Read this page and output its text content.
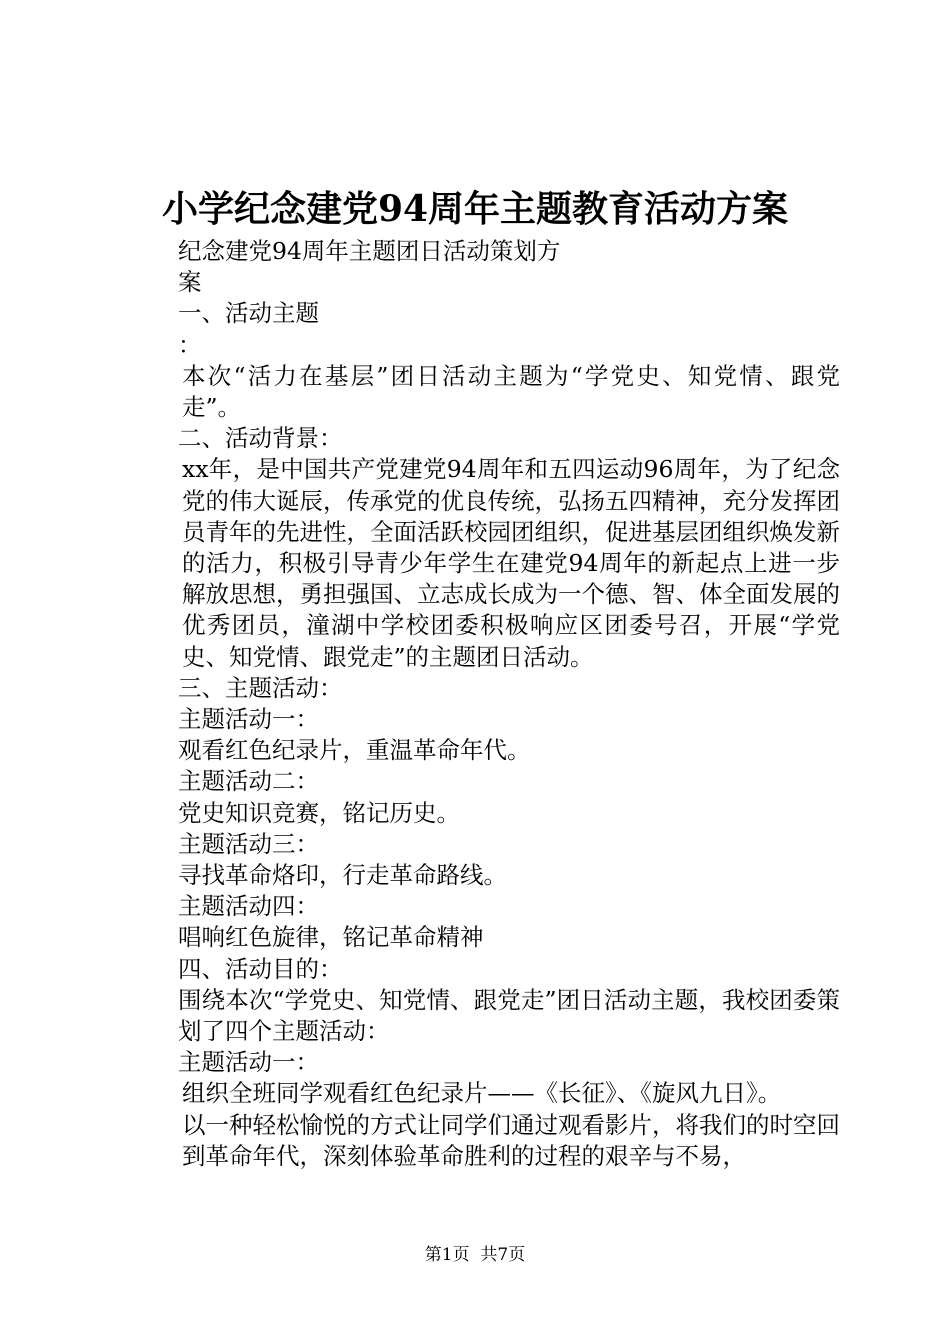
小学纪念建党94周年主题教育活动方案

纪念建党94周年主题团日活动策划方

案

一、活动主题

：

本次“活力在基层”团日活动主题为“学党史、知党情、跟党走”。

二、活动背景：

xx年，是中国共产党建党94周年和五四运动96周年，为了纪念党的伟大诞辰，传承党的优良传统，弘扬五四精神，充分发挥团员青年的先进性，全面活跃校园团组织，促进基层团组织焕发新的活力，积极引导青少年学生在建党94周年的新起点上进一步解放思想，勇担强国、立志成长成为一个德、智、体全面发展的优秀团员，潼湖中学校团委积极响应区团委号召，开展“学党史、知党情、跟党走”的主题团日活动。

三、主题活动：

主题活动一：

观看红色纪录片，重温革命年代。

主题活动二：

党史知识竞赛，铭记历史。

主题活动三：

寻找革命烙印，行走革命路线。

主题活动四：

唱响红色旋律，铭记革命精神

四、活动目的：

围绕本次“学党史、知党情、跟党走”团日活动主题，我校团委策划了四个主题活动：

主题活动一：

组织全班同学观看红色纪录片——《长征》、《旋风九日》。

以一种轻松愉悦的方式让同学们通过观看影片，将我们的时空回到革命年代，深刻体验革命胜利的过程的艰辛与不易，

第1页  共7页
